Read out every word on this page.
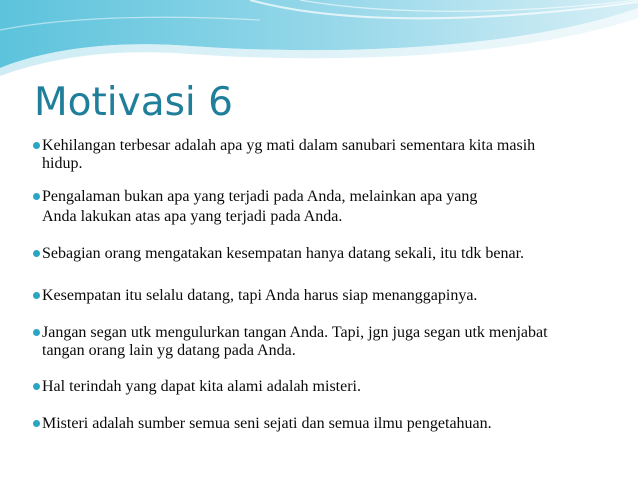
Motivasi 6
Kehilangan terbesar adalah apa yg mati dalam sanubari sementara kita masih
hidup.
Pengalaman bukan apa yang terjadi pada Anda, melainkan apa yang
Anda lakukan atas apa yang terjadi pada Anda.
Sebagian orang mengatakan kesempatan hanya datang sekali, itu tdk benar.
Kesempatan itu selalu datang, tapi Anda harus siap menanggapinya.
Jangan segan utk mengulurkan tangan Anda. Tapi, jgn juga segan utk menjabat
tangan orang lain yg datang pada Anda.
Hal terindah yang dapat kita alami adalah misteri.
Misteri adalah sumber semua seni sejati dan semua ilmu pengetahuan.
